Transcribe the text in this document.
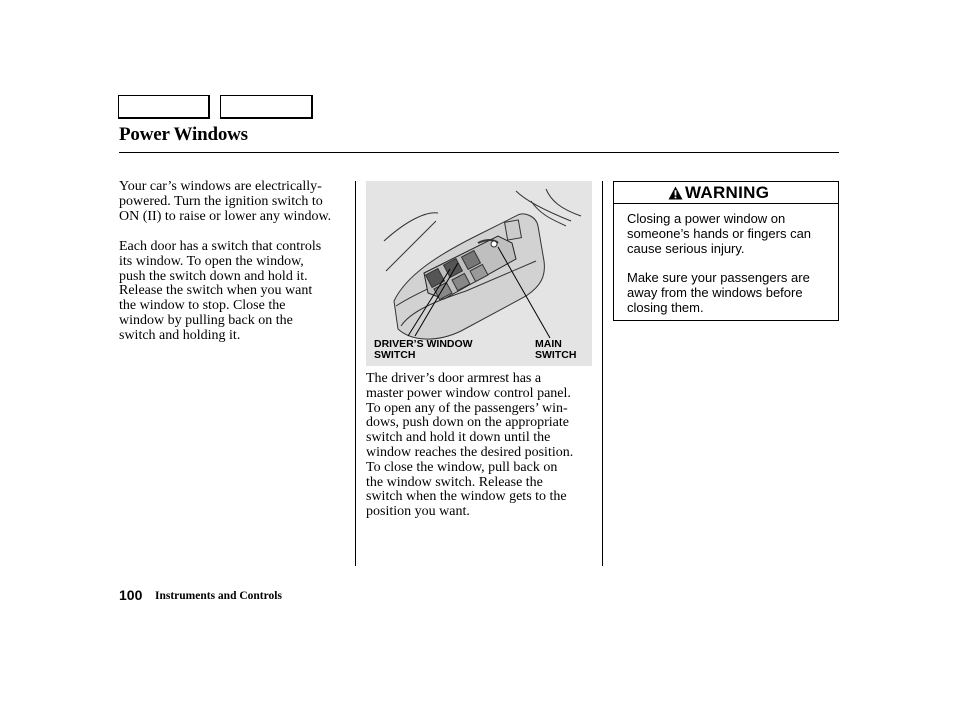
Power Windows
Your car’s windows are electrically-
powered. Turn the ignition switch to
ON (II) to raise or lower any window.
Each door has a switch that controls
its window. To open the window,
push the switch down and hold it.
Release the switch when you want
the window to stop. Close the
window by pulling back on the
switch and holding it.
DRIVER’S WINDOW
SWITCH
MAIN
SWITCH
The driver’s door armrest has a
master power window control panel.
To open any of the passengers’ win-
dows, push down on the appropriate
switch and hold it down until the
window reaches the desired position.
To close the window, pull back on
the window switch. Release the
switch when the window gets to the
position you want.
WARNING
Closing a power window on
someone’s hands or fingers can
cause serious injury.
Make sure your passengers are
away from the windows before
closing them.
100 Instruments and Controls
